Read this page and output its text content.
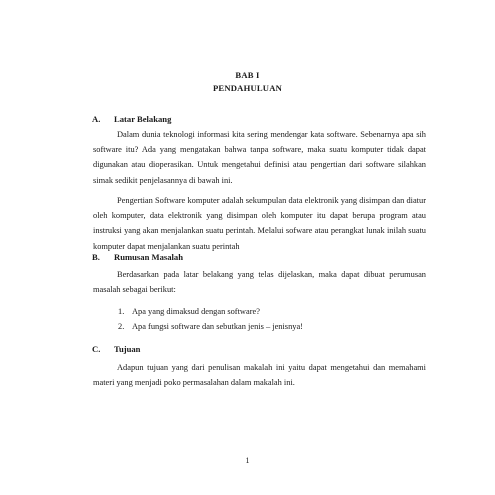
BAB I
PENDAHULUAN
A. Latar Belakang

Dalam dunia teknologi informasi kita sering mendengar kata software. Sebenarnya apa sih software itu? Ada yang mengatakan bahwa tanpa software, maka suatu komputer tidak dapat digunakan atau dioperasikan. Untuk mengetahui definisi atau pengertian dari software silahkan simak sedikit penjelasannya di bawah ini.

Pengertian Software komputer adalah sekumpulan data elektronik yang disimpan dan diatur oleh komputer, data elektronik yang disimpan oleh komputer itu dapat berupa program atau instruksi yang akan menjalankan suatu perintah. Melalui sofware atau perangkat lunak inilah suatu komputer dapat menjalankan suatu perintah

B. Rumusan Masalah

Berdasarkan pada latar belakang yang telas dijelaskan, maka dapat dibuat perumusan masalah sebagai berikut:

1. Apa yang dimaksud dengan software?
2. Apa fungsi software dan sebutkan jenis – jenisnya!
C. Tujuan

Adapun tujuan yang dari penulisan makalah ini yaitu dapat mengetahui dan memahami materi yang menjadi poko permasalahan dalam makalah ini.

1
